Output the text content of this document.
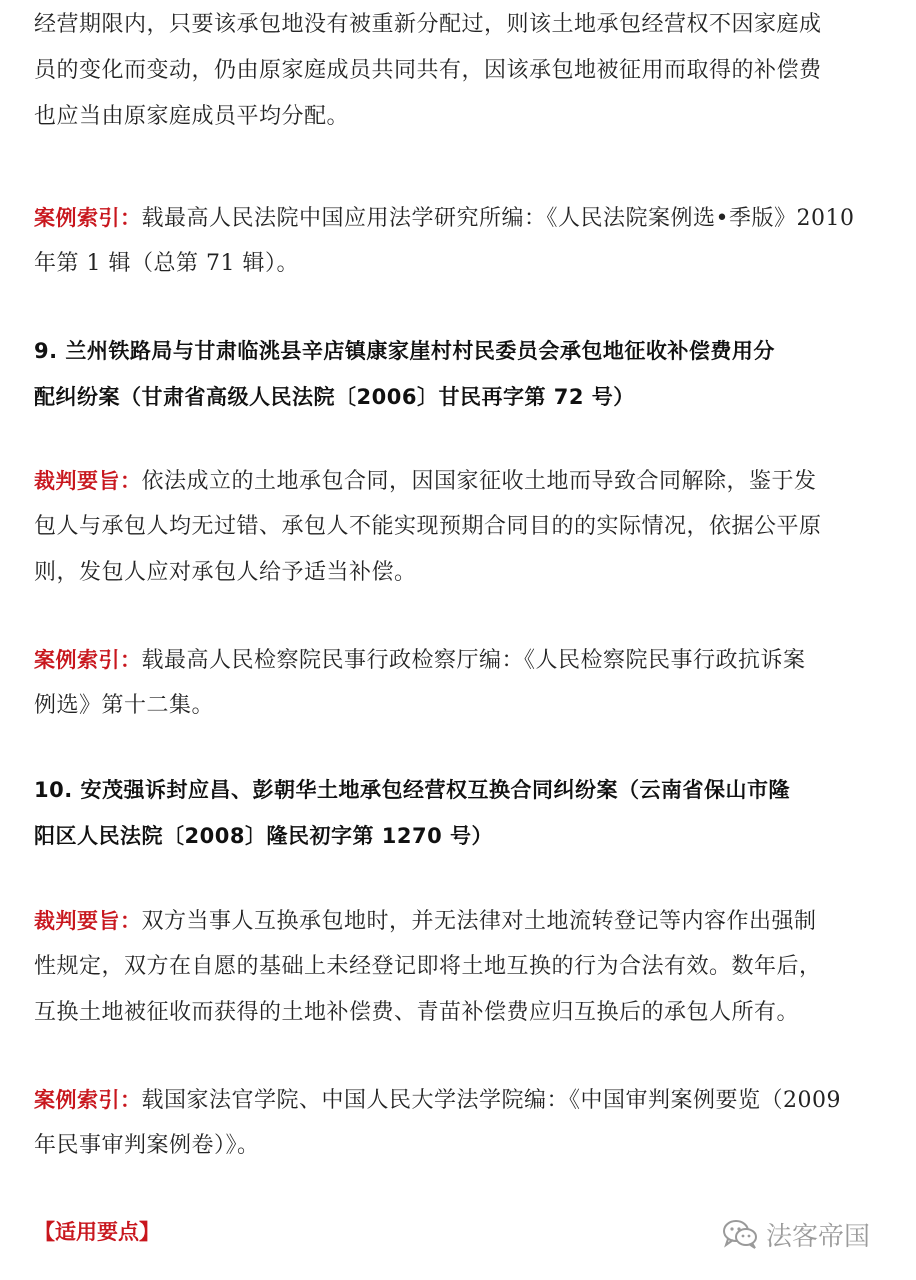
经营期限内，只要该承包地没有被重新分配过，则该土地承包经营权不因家庭成
员的变化而变动，仍由原家庭成员共同共有，因该承包地被征用而取得的补偿费
也应当由原家庭成员平均分配。
案例索引：载最高人民法院中国应用法学研究所编：《人民法院案例选•季版》2010
年第 1 辑（总第 71 辑）。
9. 兰州铁路局与甘肃临洮县辛店镇康家崖村村民委员会承包地征收补偿费用分
配纠纷案（甘肃省高级人民法院〔2006〕甘民再字第 72 号）
裁判要旨：依法成立的土地承包合同，因国家征收土地而导致合同解除，鉴于发
包人与承包人均无过错、承包人不能实现预期合同目的的实际情况，依据公平原
则，发包人应对承包人给予适当补偿。
案例索引：载最高人民检察院民事行政检察厅编：《人民检察院民事行政抗诉案
例选》第十二集。
10. 安茂强诉封应昌、彭朝华土地承包经营权互换合同纠纷案（云南省保山市隆
阳区人民法院〔2008〕隆民初字第 1270 号）
裁判要旨：双方当事人互换承包地时，并无法律对土地流转登记等内容作出强制
性规定，双方在自愿的基础上未经登记即将土地互换的行为合法有效。数年后，
互换土地被征收而获得的土地补偿费、青苗补偿费应归互换后的承包人所有。
案例索引：载国家法官学院、中国人民大学法学院编：《中国审判案例要览（2009
年民事审判案例卷）》。
【适用要点】	法客帝国
